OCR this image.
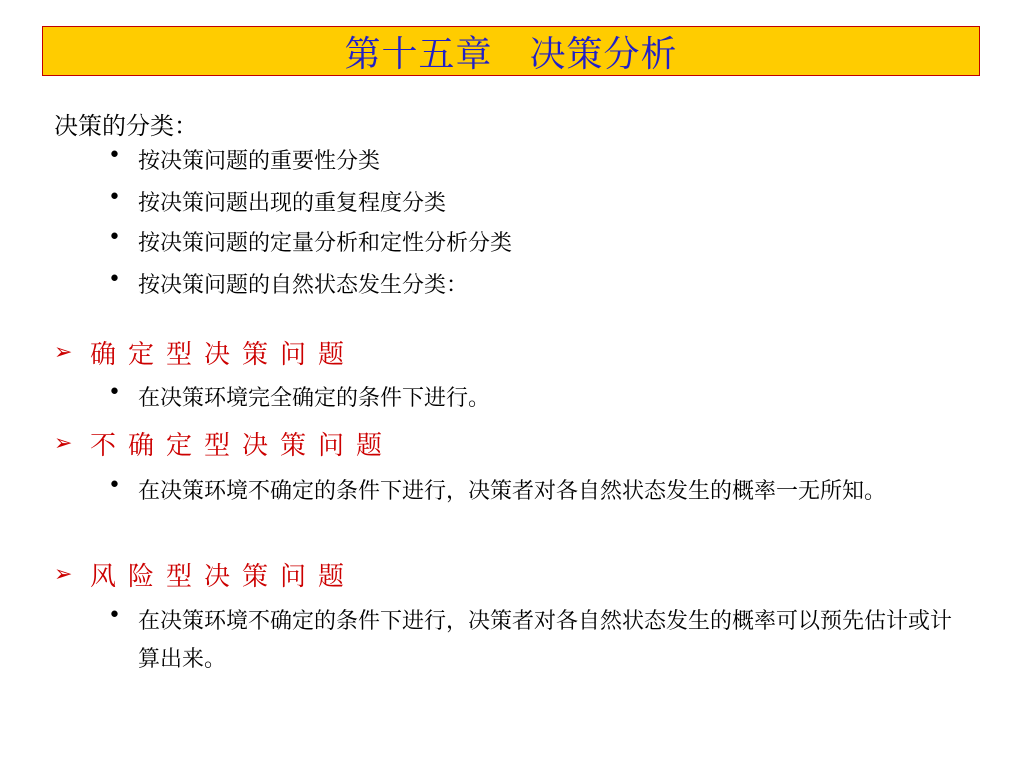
第十五章　决策分析
决策的分类：
• 按决策问题的重要性分类
• 按决策问题出现的重复程度分类
• 按决策问题的定量分析和定性分析分类
• 按决策问题的自然状态发生分类：
➢ 确定型决策问题
• 在决策环境完全确定的条件下进行。
➢ 不确定型决策问题
• 在决策环境不确定的条件下进行，决策者对各自然状态发生的概率一无所知。
➢ 风险型决策问题
• 在决策环境不确定的条件下进行，决策者对各自然状态发生的概率可以预先估计或计算出来。
